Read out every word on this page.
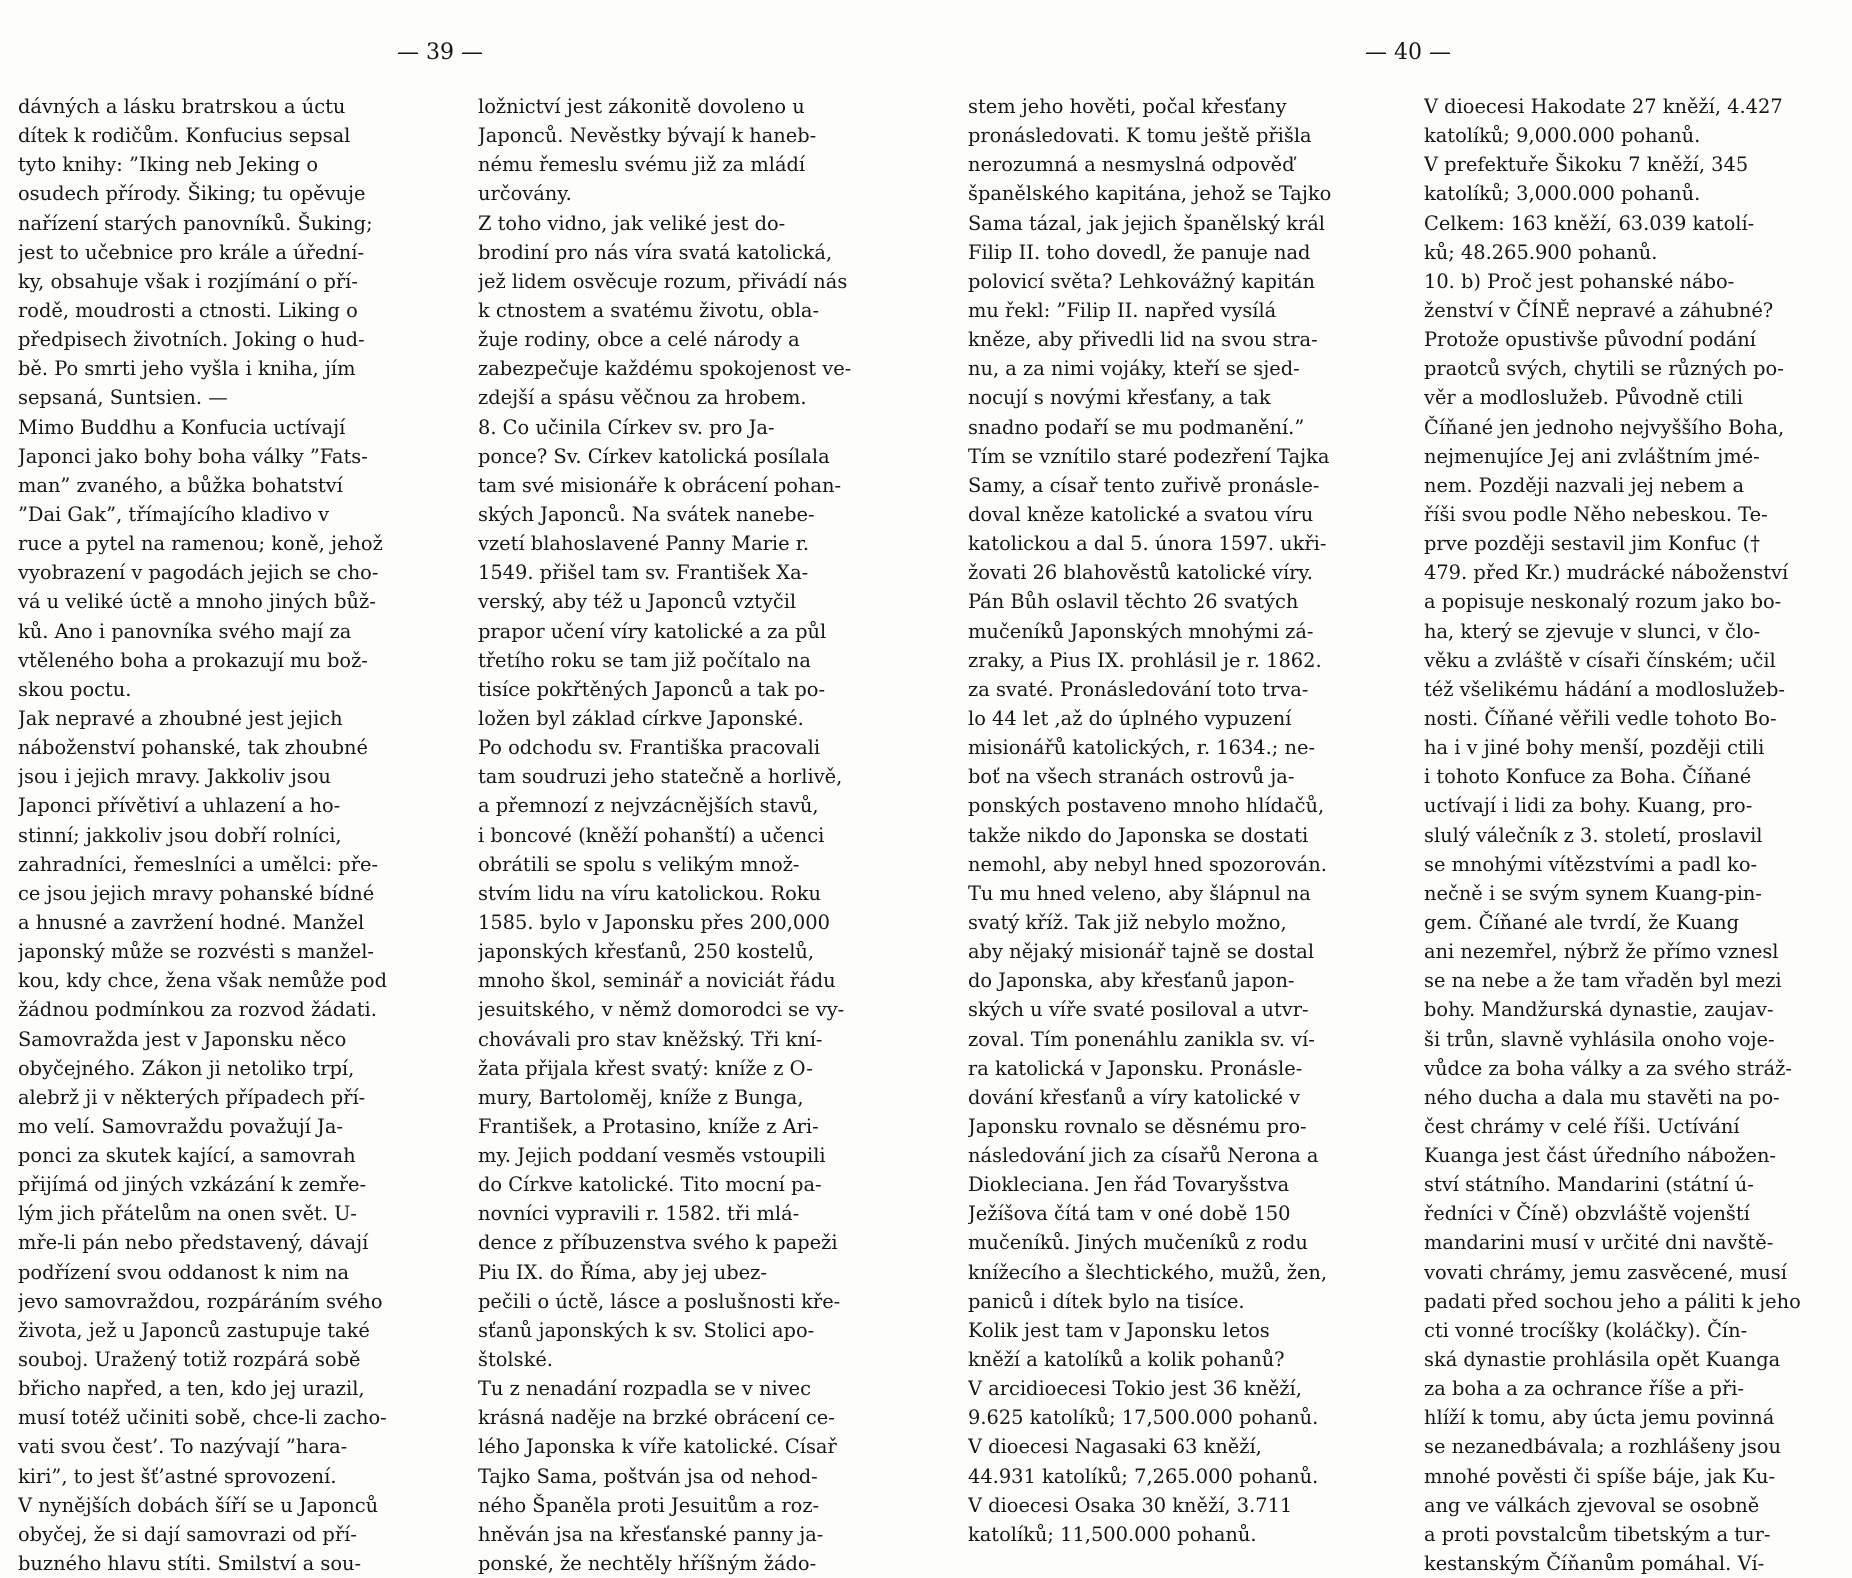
— 39 —	— 40 —
dávných a lásku bratrskou a úctu
dítek k rodičům. Konfucius sepsal
tyto knihy: ”Iking neb Jeking o
osudech přírody. Šiking; tu opěvuje
nařízení starých panovníků. Šuking;
jest to učebnice pro krále a úřední-
ky, obsahuje však i rozjímání o pří-
rodě, moudrosti a ctnosti. Liking o
předpisech životních. Joking o hud-
bě. Po smrti jeho vyšla i kniha, jím
sepsaná, Suntsien. —
Mimo Buddhu a Konfucia uctívají
Japonci jako bohy boha války ”Fats-
man” zvaného, a bůžka bohatství
”Dai Gak”, třímajícího kladivo v
ruce a pytel na ramenou; koně, jehož
vyobrazení v pagodách jejich se cho-
vá u veliké úctě a mnoho jiných bůž-
ků. Ano i panovníka svého mají za
vtěleného boha a prokazují mu bož-
skou poctu.
Jak nepravé a zhoubné jest jejich
náboženství pohanské, tak zhoubné
jsou i jejich mravy. Jakkoliv jsou
Japonci přívětiví a uhlazení a ho-
stinní; jakkoliv jsou dobří rolníci,
zahradníci, řemeslníci a umělci: pře-
ce jsou jejich mravy pohanské bídné
a hnusné a zavržení hodné. Manžel
japonský může se rozvésti s manžel-
kou, kdy chce, žena však nemůže pod
žádnou podmínkou za rozvod žádati.
Samovražda jest v Japonsku něco
obyčejného. Zákon ji netoliko trpí,
alebrž ji v některých případech pří-
mo velí. Samovraždu považují Ja-
ponci za skutek kající, a samovrah
přijímá od jiných vzkázání k zemře-
lým jich přátelům na onen svět. U-
mře-li pán nebo představený, dávají
podřízení svou oddanost k nim na
jevo samovraždou, rozpáráním svého
života, jež u Japonců zastupuje také
souboj. Uražený totiž rozpárá sobě
břicho napřed, a ten, kdo jej urazil,
musí totéž učiniti sobě, chce-li zacho-
vati svou čest’. To nazývají ”hara-
kiri”, to jest šť’astné sprovození.
V nynějších dobách šíří se u Japonců
obyčej, že si dají samovrazi od pří-
buzného hlavu stíti. Smilství a sou-
ložnictví jest zákonitě dovoleno u
Japonců. Nevěstky bývají k haneb-
nému řemeslu svému již za mládí
určovány.
Z toho vidno, jak veliké jest do-
brodiní pro nás víra svatá katolická,
jež lidem osvěcuje rozum, přivádí nás
k ctnostem a svatému životu, obla-
žuje rodiny, obce a celé národy a
zabezpečuje každému spokojenost ve-
zdejší a spásu věčnou za hrobem.
8. Co učinila Církev sv. pro Ja-
ponce? Sv. Církev katolická posílala
tam své misionáře k obrácení pohan-
ských Japonců. Na svátek nanebe-
vzetí blahoslavené Panny Marie r.
1549. přišel tam sv. František Xa-
verský, aby též u Japonců vztyčil
prapor učení víry katolické a za půl
třetího roku se tam již počítalo na
tisíce pokřtěných Japonců a tak po-
ložen byl základ církve Japonské.
Po odchodu sv. Františka pracovali
tam soudruzi jeho statečně a horlivě,
a přemnozí z nejvzácnějších stavů,
i boncové (kněží pohanští) a učenci
obrátili se spolu s velikým množ-
stvím lidu na víru katolickou. Roku
1585. bylo v Japonsku přes 200,000
japonských křesťanů, 250 kostelů,
mnoho škol, seminář a noviciát řádu
jesuitského, v němž domorodci se vy-
chovávali pro stav kněžský. Tři kní-
žata přijala křest svatý: kníže z O-
mury, Bartoloměj, kníže z Bunga,
František, a Protasino, kníže z Ari-
my. Jejich poddaní vesměs vstoupili
do Církve katolické. Tito mocní pa-
novníci vypravili r. 1582. tři mlá-
dence z příbuzenstva svého k papeži
Piu IX. do Říma, aby jej ubez-
pečili o úctě, lásce a poslušnosti kře-
sťanů japonských k sv. Stolici apo-
štolské.
Tu z nenadání rozpadla se v nivec
krásná naděje na brzké obrácení ce-
lého Japonska k víře katolické. Císař
Tajko Sama, poštván jsa od nehod-
ného Španěla proti Jesuitům a roz-
hněván jsa na křesťanské panny ja-
ponské, že nechtěly hříšným žádo-
stem jeho hověti, počal křesťany
pronásledovati. K tomu ještě přišla
nerozumná a nesmyslná odpověď
španělského kapitána, jehož se Tajko
Sama tázal, jak jejich španělský král
Filip II. toho dovedl, že panuje nad
polovicí světa? Lehkovážný kapitán
mu řekl: ”Filip II. napřed vysílá
kněze, aby přivedli lid na svou stra-
nu, a za nimi vojáky, kteří se sjed-
nocují s novými křesťany, a tak
snadno podaří se mu podmanění.”
Tím se vznítilo staré podezření Tajka
Samy, a císař tento zuřivě pronásle-
doval kněze katolické a svatou víru
katolickou a dal 5. února 1597. ukři-
žovati 26 blahověstů katolické víry.
Pán Bůh oslavil těchto 26 svatých
mučeníků Japonských mnohými zá-
zraky, a Pius IX. prohlásil je r. 1862.
za svaté. Pronásledování toto trva-
lo 44 let ,až do úplného vypuzení
misionářů katolických, r. 1634.; ne-
boť na všech stranách ostrovů ja-
ponských postaveno mnoho hlídačů,
takže nikdo do Japonska se dostati
nemohl, aby nebyl hned spozorován.
Tu mu hned veleno, aby šlápnul na
svatý kříž. Tak již nebylo možno,
aby nějaký misionář tajně se dostal
do Japonska, aby křesťanů japon-
ských u víře svaté posiloval a utvr-
zoval. Tím ponenáhlu zanikla sv. ví-
ra katolická v Japonsku. Pronásle-
dování křesťanů a víry katolické v
Japonsku rovnalo se děsnému pro-
následování jich za císařů Nerona a
Diokleciana. Jen řád Tovaryšstva
Ježíšova čítá tam v oné době 150
mučeníků. Jiných mučeníků z rodu
knížecího a šlechtického, mužů, žen,
paniců i dítek bylo na tisíce.
Kolik jest tam v Japonsku letos
kněží a katolíků a kolik pohanů?
V arcidioecesi Tokio jest 36 kněží,
9.625 katolíků; 17,500.000 pohanů.
V dioecesi Nagasaki 63 kněží,
44.931 katolíků; 7,265.000 pohanů.
V dioecesi Osaka 30 kněží, 3.711
katolíků; 11,500.000 pohanů.
V dioecesi Hakodate 27 kněží, 4.427
katolíků; 9,000.000 pohanů.
V prefektuře Šikoku 7 kněží, 345
katolíků; 3,000.000 pohanů.
Celkem: 163 kněží, 63.039 katolí-
ků; 48.265.900 pohanů.
10. b) Proč jest pohanské nábo-
ženství v ČÍNĚ nepravé a záhubné?
Protože opustivše původní podání
praotců svých, chytili se různých po-
věr a modloslužeb. Původně ctili
Číňané jen jednoho nejvyššího Boha,
nejmenujíce Jej ani zvláštním jmé-
nem. Později nazvali jej nebem a
říši svou podle Něho nebeskou. Te-
prve později sestavil jim Konfuc (†
479. před Kr.) mudrácké náboženství
a popisuje neskonalý rozum jako bo-
ha, který se zjevuje v slunci, v člo-
věku a zvláště v císaři čínském; učil
též všelikému hádání a modloslužeb-
nosti. Číňané věřili vedle tohoto Bo-
ha i v jiné bohy menší, později ctili
i tohoto Konfuce za Boha. Číňané
uctívají i lidi za bohy. Kuang, pro-
slulý válečník z 3. století, proslavil
se mnohými vítězstvími a padl ko-
nečně i se svým synem Kuang-pin-
gem. Číňané ale tvrdí, že Kuang
ani nezemřel, nýbrž že přímo vznesl
se na nebe a že tam vřaděn byl mezi
bohy. Mandžurská dynastie, zaujav-
ši trůn, slavně vyhlásila onoho voje-
vůdce za boha války a za svého stráž-
ného ducha a dala mu stavěti na po-
čest chrámy v celé říši. Uctívání
Kuanga jest část úředního nábožen-
ství státního. Mandarini (státní ú-
ředníci v Číně) obzvláště vojenští
mandarini musí v určité dni navště-
vovati chrámy, jemu zasvěcené, musí
padati před sochou jeho a páliti k jeho
cti vonné trocíšky (koláčky). Čín-
ská dynastie prohlásila opět Kuanga
za boha a za ochrance říše a při-
hlíží k tomu, aby úcta jemu povinná
se nezanedbávala; a rozhlášeny jsou
mnohé pověsti či spíše báje, jak Ku-
ang ve válkách zjevoval se osobně
a proti povstalcům tibetským a tur-
kestanským Číňanům pomáhal. Ví-
